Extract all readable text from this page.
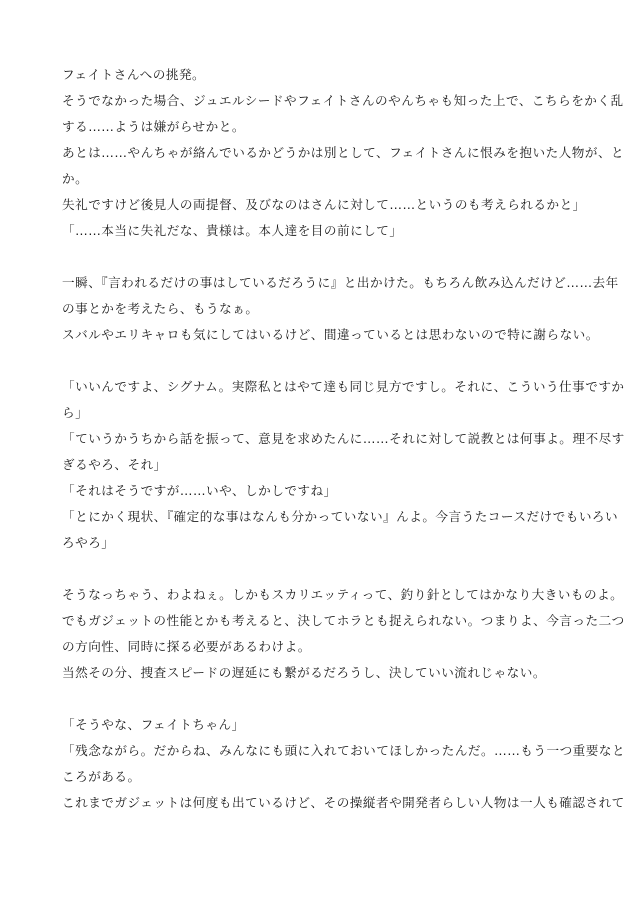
フェイトさんへの挑発。
そうでなかった場合、ジュエルシードやフェイトさんのやんちゃも知った上で、こちらをかく乱
する……ようは嫌がらせかと。
あとは……やんちゃが絡んでいるかどうかは別として、フェイトさんに恨みを抱いた人物が、と
か。
失礼ですけど後見人の両提督、及びなのはさんに対して……というのも考えられるかと」
「……本当に失礼だな、貴様は。本人達を目の前にして」
一瞬、『言われるだけの事はしているだろうに』と出かけた。もちろん飲み込んだけど……去年
の事とかを考えたら、もうなぁ。
スバルやエリキャロも気にしてはいるけど、間違っているとは思わないので特に謝らない。
「いいんですよ、シグナム。実際私とはやて達も同じ見方ですし。それに、こういう仕事ですか
ら」
「ていうかうちから話を振って、意見を求めたんに……それに対して説教とは何事よ。理不尽す
ぎるやろ、それ」
「それはそうですが……いや、しかしですね」
「とにかく現状、『確定的な事はなんも分かっていない』んよ。今言うたコースだけでもいろい
ろやろ」
そうなっちゃう、わよねぇ。しかもスカリエッティって、釣り針としてはかなり大きいものよ。
でもガジェットの性能とかも考えると、決してホラとも捉えられない。つまりよ、今言った二つ
の方向性、同時に探る必要があるわけよ。
当然その分、捜査スピードの遅延にも繋がるだろうし、決していい流れじゃない。
「そうやな、フェイトちゃん」
「残念ながら。だからね、みんなにも頭に入れておいてほしかったんだ。……もう一つ重要なと
ころがある。
これまでガジェットは何度も出ているけど、その操縦者や開発者らしい人物は一人も確認されて
